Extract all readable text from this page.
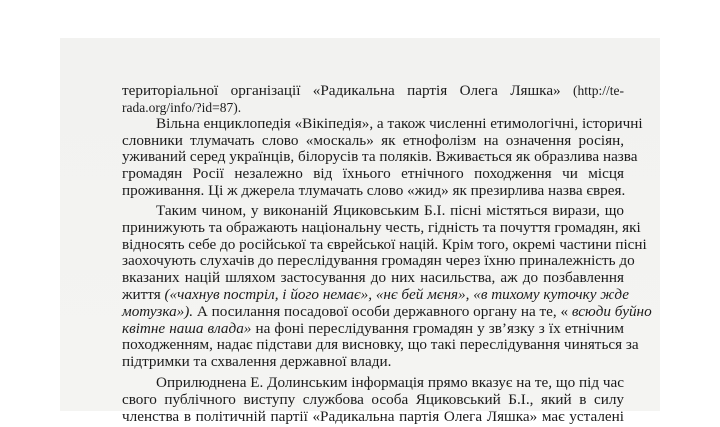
територіальної організації «Радикальна партія Олега Ляшка» (http://te-
rada.org/info/?id=87).
Вільна енциклопедія «Вікіпедія», а також численні етимологічні, історичні
словники тлумачать слово «москаль» як етнофолізм на означення росіян,
уживаний серед українців, білорусів та поляків. Вживається як образлива назва
громадян Росії незалежно від їхнього етнічного походження чи місця
проживання. Ці ж джерела тлумачать слово «жид» як презирлива назва єврея.
Таким чином, у виконаній Яциковським Б.І. пісні містяться вирази, що
принижують та ображають національну честь, гідність та почуття громадян, які
відносять себе до російської та єврейської націй. Крім того, окремі частини пісні
заохочують слухачів до переслідування громадян через їхню приналежність до
вказаних націй шляхом застосування до них насильства, аж до позбавлення
життя («чахнув постріл, і його немає», «нє бей мєня», «в тихому куточку жде
мотузка»). А посилання посадової особи державного органу на те, « всюди буйно
квітне наша влада» на фоні переслідування громадян у зв’язку з їх етнічним
походженням, надає підстави для висновку, що такі переслідування чиняться за
підтримки та схвалення державної влади.
Оприлюднена Е. Долинським інформація прямо вказує на те, що під час
свого публічного виступу службова особа Яциковський Б.І., який в силу
членства в політичній партії «Радикальна партія Олега Ляшка» має усталені
